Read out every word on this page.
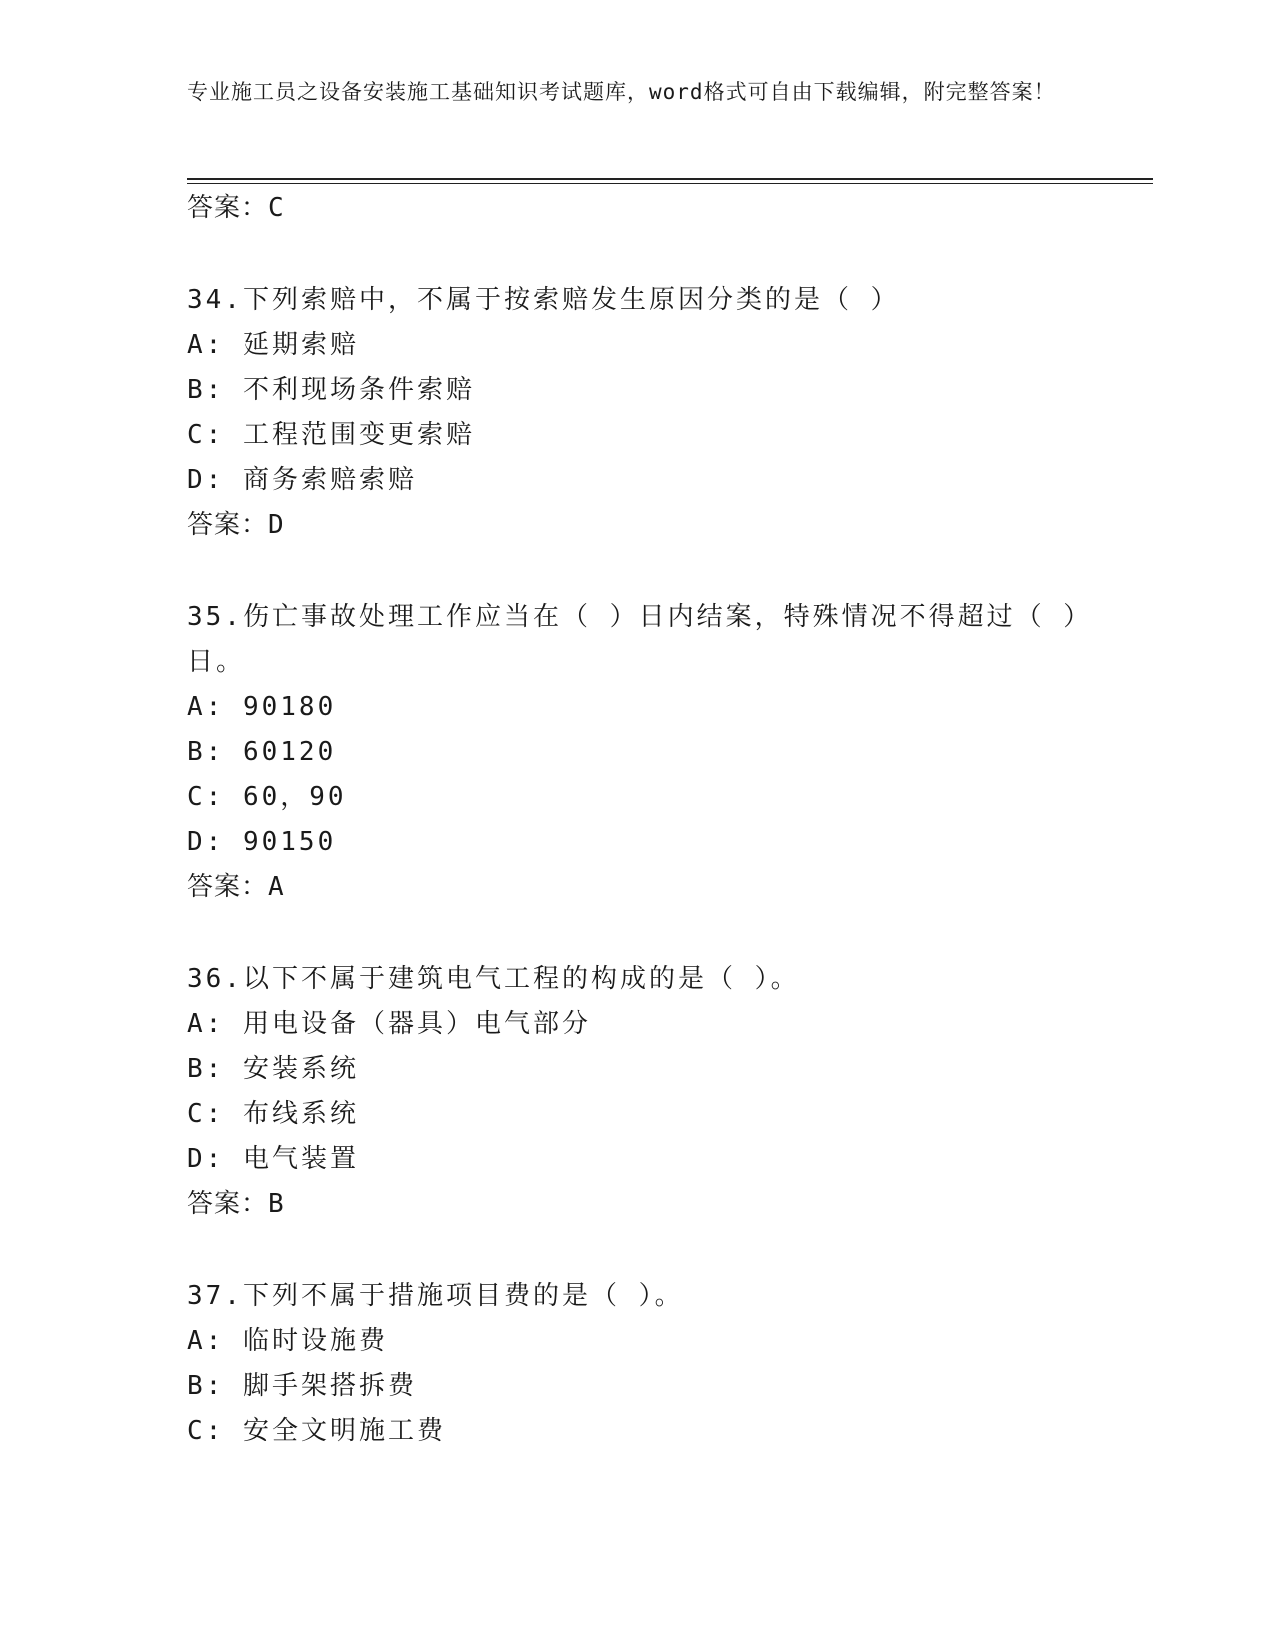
专业施工员之设备安装施工基础知识考试题库，word格式可自由下载编辑，附完整答案！
答案：C
34.下列索赔中，不属于按索赔发生原因分类的是（ ）
A: 延期索赔
B: 不利现场条件索赔
C: 工程范围变更索赔
D: 商务索赔索赔
答案：D
35.伤亡事故处理工作应当在（ ）日内结案，特殊情况不得超过（ ）
日。
A: 90180
B: 60120
C: 60，90
D: 90150
答案：A
36.以下不属于建筑电气工程的构成的是（ ）。
A: 用电设备（器具）电气部分
B: 安装系统
C: 布线系统
D: 电气装置
答案：B
37.下列不属于措施项目费的是（ ）。
A: 临时设施费
B: 脚手架搭拆费
C: 安全文明施工费
